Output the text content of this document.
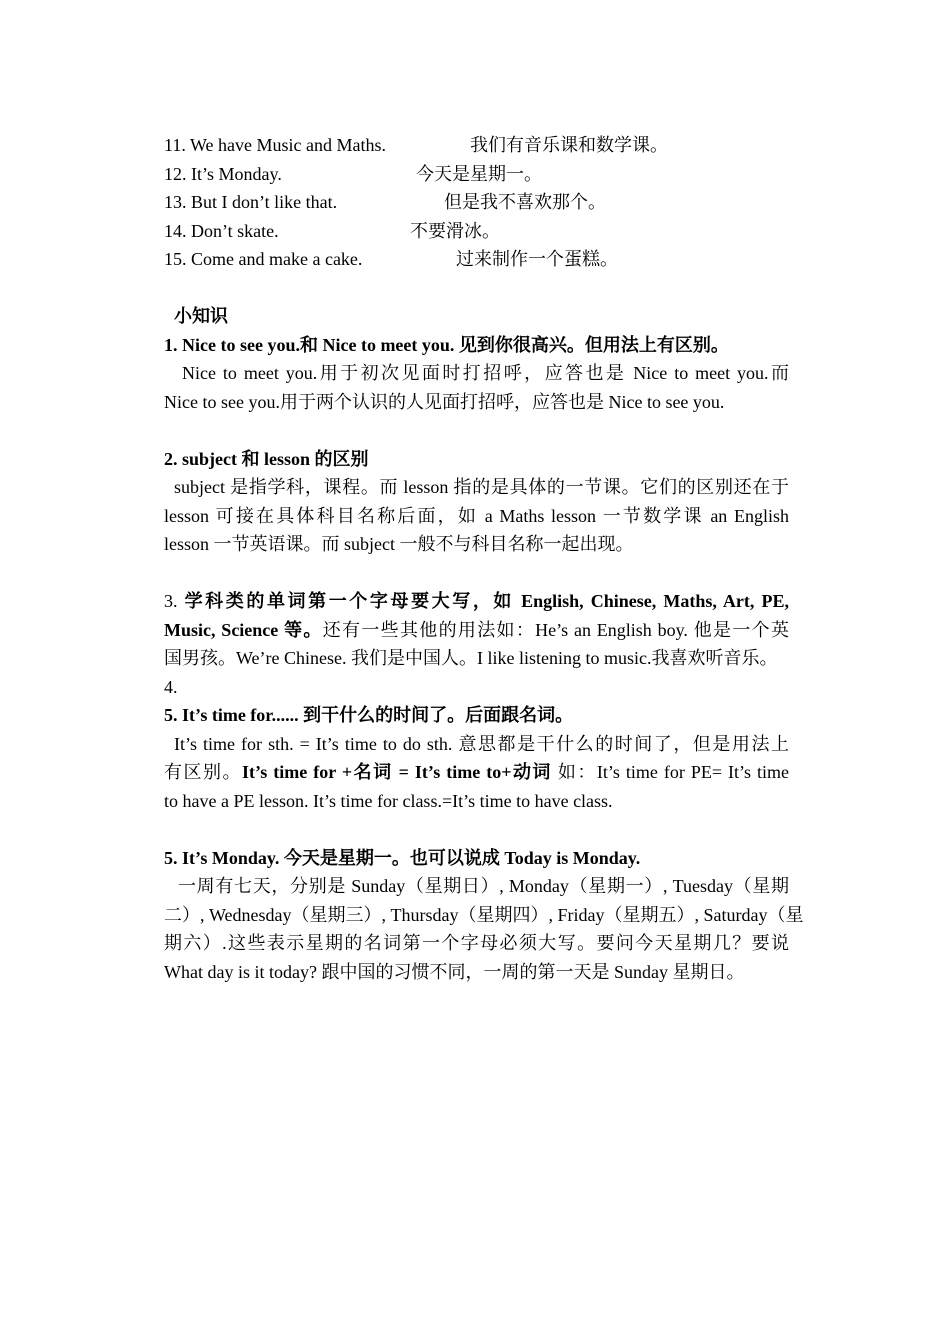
11. We have Music and Maths.	我们有音乐课和数学课。
12. It’s Monday.	今天是星期一。
13. But I don’t like that.	但是我不喜欢那个。
14. Don’t skate.	不要滑冰。
15. Come and make a cake.	过来制作一个蛋糕。
小知识
1. Nice to see you.和 Nice to meet you. 见到你很高兴。但用法上有区别。
Nice to meet you.用于初次见面时打招呼，应答也是 Nice to meet you.而
Nice to see you.用于两个认识的人见面打招呼，应答也是 Nice to see you.
2. subject 和 lesson 的区别
subject 是指学科，课程。而 lesson 指的是具体的一节课。它们的区别还在于
lesson 可接在具体科目名称后面，如 a Maths lesson 一节数学课 an English
lesson 一节英语课。而 subject 一般不与科目名称一起出现。
3. 学科类的单词第一个字母要大写，如 English, Chinese, Maths, Art, PE,
Music, Science 等。还有一些其他的用法如：He’s an English boy. 他是一个英
国男孩。We’re Chinese. 我们是中国人。I like listening to music.我喜欢听音乐。
4.
5. It’s time for...... 到干什么的时间了。后面跟名词。
It’s time for sth. = It’s time to do sth. 意思都是干什么的时间了，但是用法上
有区别。It’s time for +名词 = It’s time to+动词 如：It’s time for PE= It’s time
to have a PE lesson. It’s time for class.=It’s time to have class.
5. It’s Monday. 今天是星期一。也可以说成 Today is Monday.
一周有七天，分别是 Sunday（星期日）, Monday（星期一）, Tuesday（星期
二）, Wednesday（星期三）, Thursday（星期四）, Friday（星期五）, Saturday（星
期六）.这些表示星期的名词第一个字母必须大写。要问今天星期几？要说
What day is it today? 跟中国的习惯不同，一周的第一天是 Sunday 星期日。
